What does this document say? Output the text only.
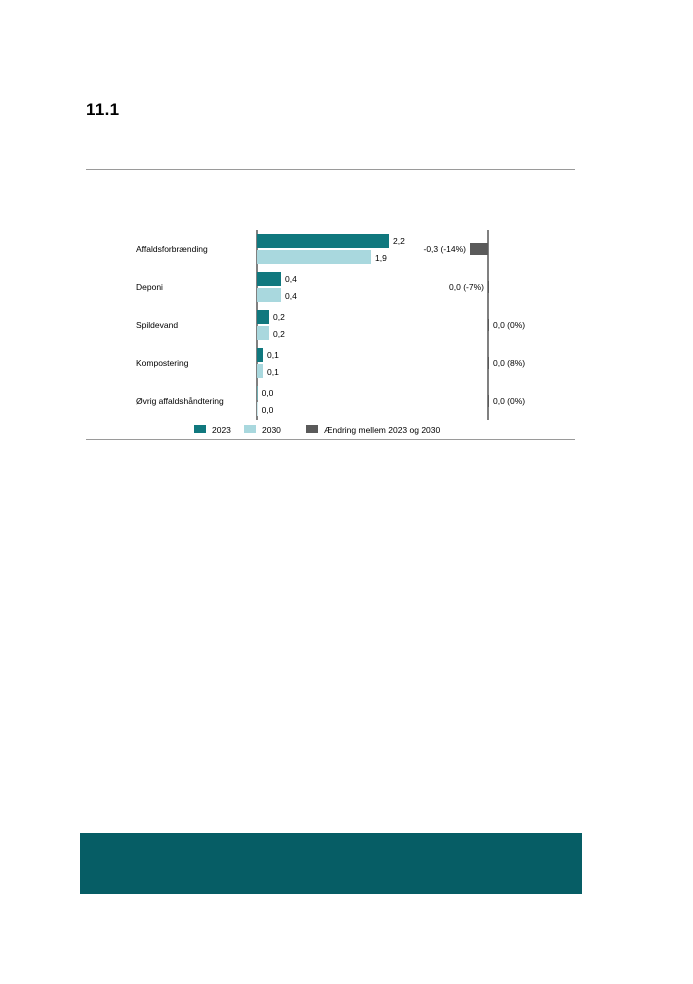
11.1
Affaldsforbrænding
2,2
1,9
-0,3 (-14%)
Deponi
0,4
0,4
0,0 (-7%)
Spildevand
0,2
0,2
0,0 (0%)
Kompostering
0,1
0,1
0,0 (8%)
Øvrig affaldshåndtering
0,0
0,0
0,0 (0%)
2023	2030	Ændring mellem 2023 og 2030
